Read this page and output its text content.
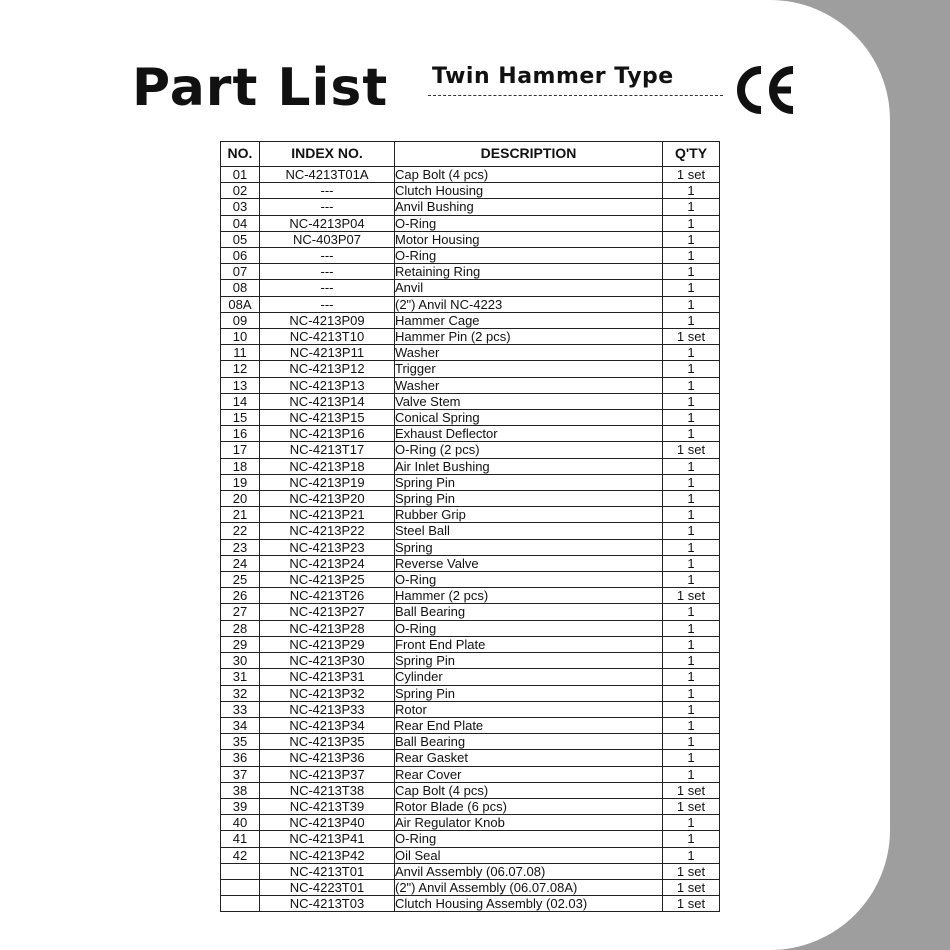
Part List Twin Hammer Type
NO.	INDEX NO.	DESCRIPTION	Q'TY
01	NC-4213T01A	Cap Bolt (4 pcs)	1 set
02	---	Clutch Housing	1
03	---	Anvil Bushing	1
04	NC-4213P04	O-Ring	1
05	NC-403P07	Motor Housing	1
06	---	O-Ring	1
07	---	Retaining Ring	1
08	---	Anvil	1
08A	---	(2") Anvil NC-4223	1
09	NC-4213P09	Hammer Cage	1
10	NC-4213T10	Hammer Pin (2 pcs)	1 set
11	NC-4213P11	Washer	1
12	NC-4213P12	Trigger	1
13	NC-4213P13	Washer	1
14	NC-4213P14	Valve Stem	1
15	NC-4213P15	Conical Spring	1
16	NC-4213P16	Exhaust Deflector	1
17	NC-4213T17	O-Ring (2 pcs)	1 set
18	NC-4213P18	Air Inlet Bushing	1
19	NC-4213P19	Spring Pin	1
20	NC-4213P20	Spring Pin	1
21	NC-4213P21	Rubber Grip	1
22	NC-4213P22	Steel Ball	1
23	NC-4213P23	Spring	1
24	NC-4213P24	Reverse Valve	1
25	NC-4213P25	O-Ring	1
26	NC-4213T26	Hammer (2 pcs)	1 set
27	NC-4213P27	Ball Bearing	1
28	NC-4213P28	O-Ring	1
29	NC-4213P29	Front End Plate	1
30	NC-4213P30	Spring Pin	1
31	NC-4213P31	Cylinder	1
32	NC-4213P32	Spring Pin	1
33	NC-4213P33	Rotor	1
34	NC-4213P34	Rear End Plate	1
35	NC-4213P35	Ball Bearing	1
36	NC-4213P36	Rear Gasket	1
37	NC-4213P37	Rear Cover	1
38	NC-4213T38	Cap Bolt (4 pcs)	1 set
39	NC-4213T39	Rotor Blade (6 pcs)	1 set
40	NC-4213P40	Air Regulator Knob	1
41	NC-4213P41	O-Ring	1
42	NC-4213P42	Oil Seal	1
	NC-4213T01	Anvil Assembly (06.07.08)	1 set
	NC-4223T01	(2") Anvil Assembly (06.07.08A)	1 set
	NC-4213T03	Clutch Housing Assembly (02.03)	1 set
